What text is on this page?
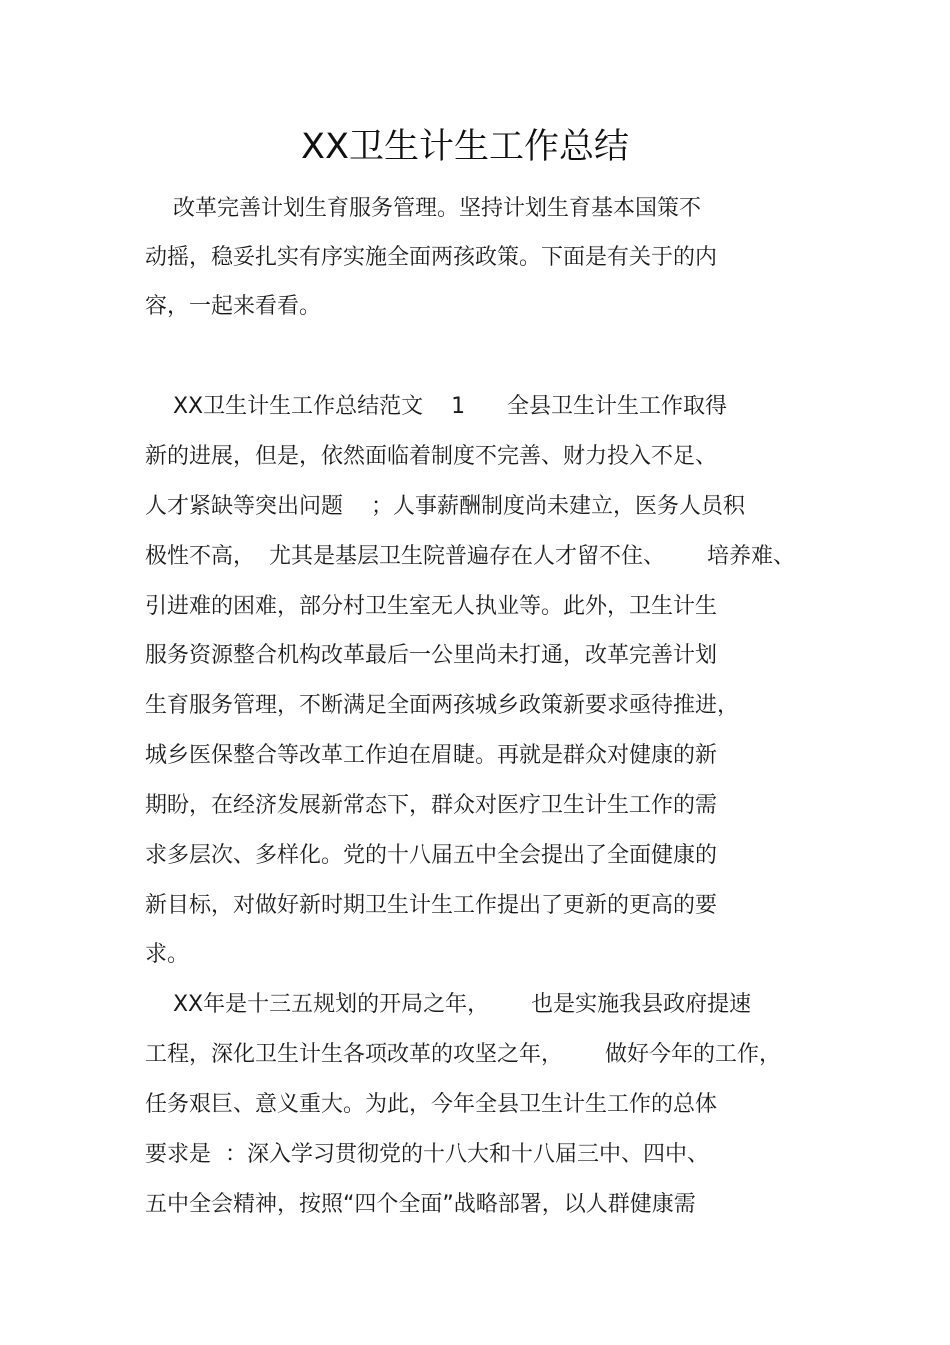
XX卫生计生工作总结
改革完善计划生育服务管理。坚持计划生育基本国策不
动摇，稳妥扎实有序实施全面两孩政策。下面是有关于的内
容，一起来看看。
XX卫生计生工作总结范文    1      全县卫生计生工作取得
新的进展，但是，依然面临着制度不完善、财力投入不足、
人才紧缺等突出问题    ；人事薪酬制度尚未建立，医务人员积
极性不高，  尤其是基层卫生院普遍存在人才留不住、      培养难、
引进难的困难，部分村卫生室无人执业等。此外，卫生计生
服务资源整合机构改革最后一公里尚未打通，改革完善计划
生育服务管理，不断满足全面两孩城乡政策新要求亟待推进，
城乡医保整合等改革工作迫在眉睫。再就是群众对健康的新
期盼，在经济发展新常态下，群众对医疗卫生计生工作的需
求多层次、多样化。党的十八届五中全会提出了全面健康的
新目标，对做好新时期卫生计生工作提出了更新的更高的要
求。
XX年是十三五规划的开局之年，      也是实施我县政府提速
工程，深化卫生计生各项改革的攻坚之年，      做好今年的工作，
任务艰巨、意义重大。为此，今年全县卫生计生工作的总体
要求是  ：深入学习贯彻党的十八大和十八届三中、四中、
五中全会精神，按照“四个全面”战略部署，以人群健康需
